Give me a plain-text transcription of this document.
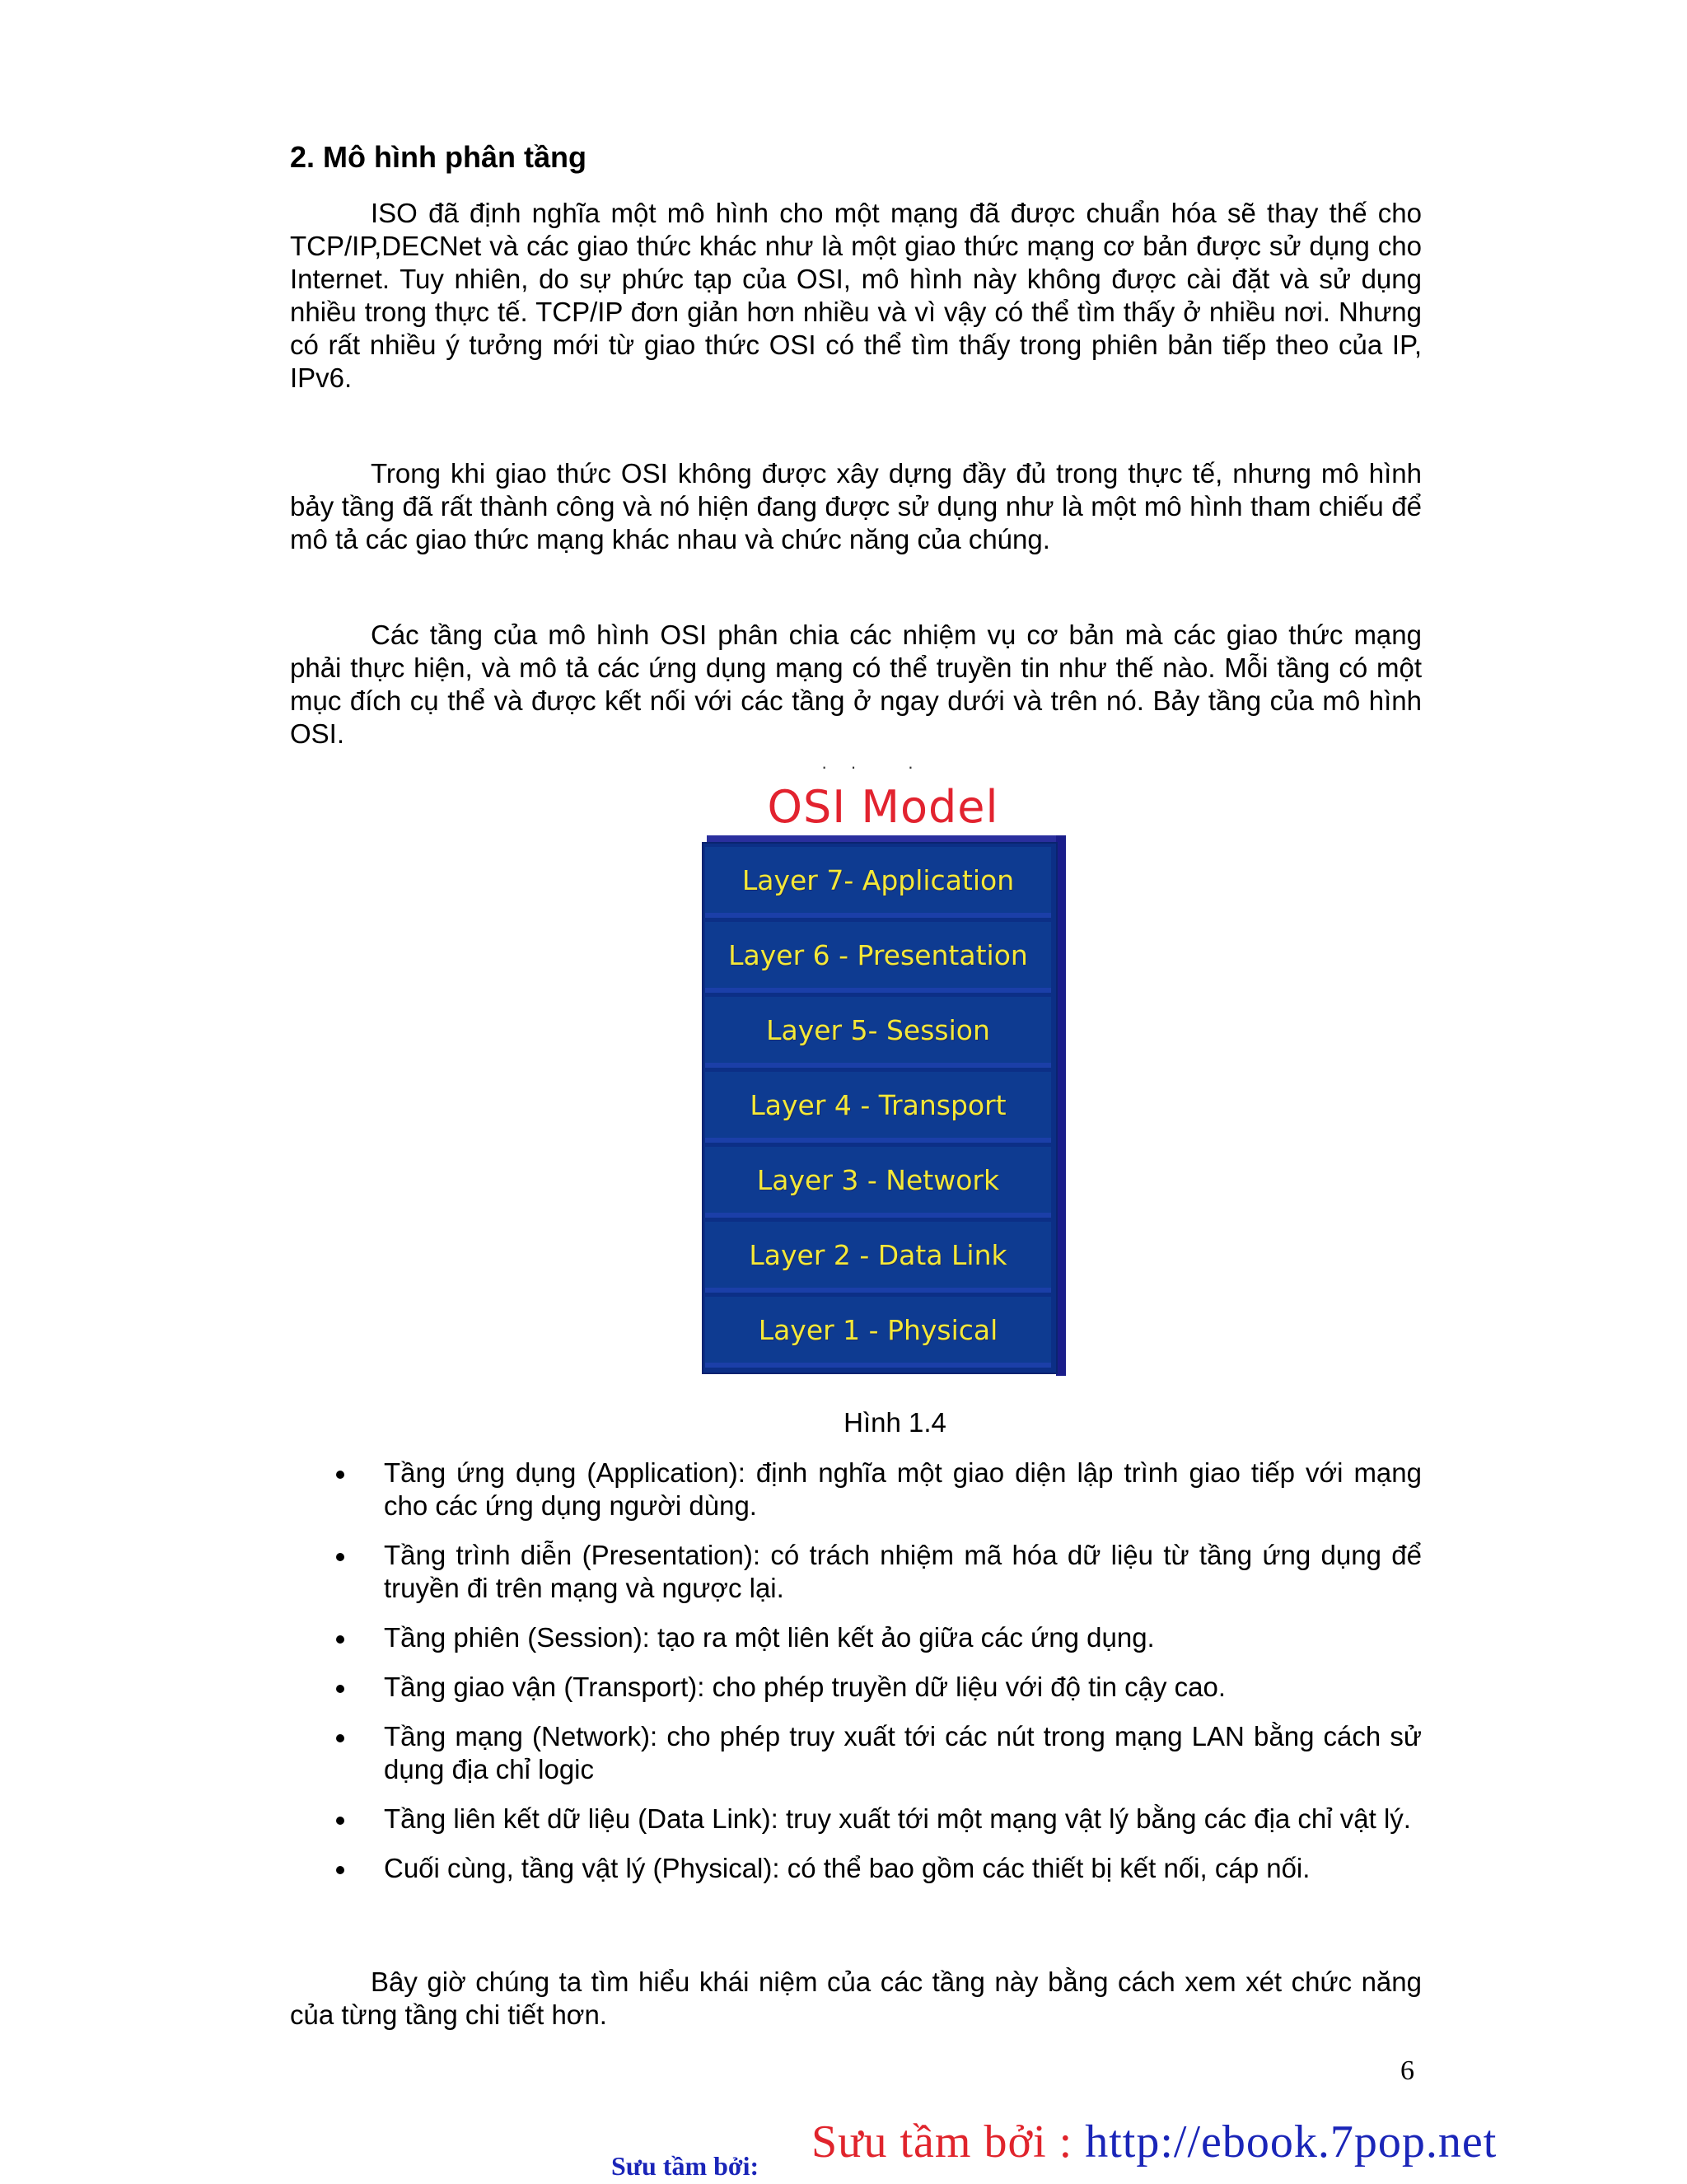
2. Mô hình phân tầng

ISO đã định nghĩa một mô hình cho một mạng đã được chuẩn hóa sẽ thay thế cho TCP/IP,DECNet và các giao thức khác như là một giao thức mạng cơ bản được sử dụng cho Internet. Tuy nhiên, do sự phức tạp của OSI, mô hình này không được cài đặt và sử dụng nhiều trong thực tế. TCP/IP đơn giản hơn nhiều và vì vậy có thể tìm thấy ở nhiều nơi. Nhưng có rất nhiều ý tưởng mới từ giao thức OSI có thể tìm thấy trong phiên bản tiếp theo của IP, IPv6.

Trong khi giao thức OSI không được xây dựng đầy đủ trong thực tế, nhưng mô hình bảy tầng đã rất thành công và nó hiện đang được sử dụng như là một mô hình tham chiếu để mô tả các giao thức mạng khác nhau và chức năng của chúng.

Các tầng của mô hình OSI phân chia các nhiệm vụ cơ bản mà các giao thức mạng phải thực hiện, và mô tả các ứng dụng mạng có thể truyền tin như thế nào. Mỗi tầng có một mục đích cụ thể và được kết nối với các tầng ở ngay dưới và trên nó. Bảy tầng của mô hình OSI.

·· ·
OSI Model
Layer 7- Application
Layer 6 - Presentation
Layer 5- Session
Layer 4 - Transport
Layer 3 - Network
Layer 2 - Data Link
Layer 1 - Physical
Hình 1.4
Tầng ứng dụng (Application): định nghĩa một giao diện lập trình giao tiếp với mạng cho các ứng dụng người dùng.
Tầng trình diễn (Presentation): có trách nhiệm mã hóa dữ liệu từ tầng ứng dụng để truyền đi trên mạng và ngược lại.
Tầng phiên (Session): tạo ra một liên kết ảo giữa các ứng dụng.
Tầng giao vận (Transport): cho phép truyền dữ liệu với độ tin cậy cao.
Tầng mạng (Network): cho phép truy xuất tới các nút trong mạng LAN bằng cách sử dụng địa chỉ logic
Tầng liên kết dữ liệu (Data Link): truy xuất tới một mạng vật lý bằng các địa chỉ vật lý.
Cuối cùng, tầng vật lý (Physical): có thể bao gồm các thiết bị kết nối, cáp nối.

Bây giờ chúng ta tìm hiểu khái niệm của các tầng này bằng cách xem xét chức năng của từng tầng chi tiết hơn.

6
Sưu tầm bởi : http://ebook.7pop.net
Sưu tầm bởi:
